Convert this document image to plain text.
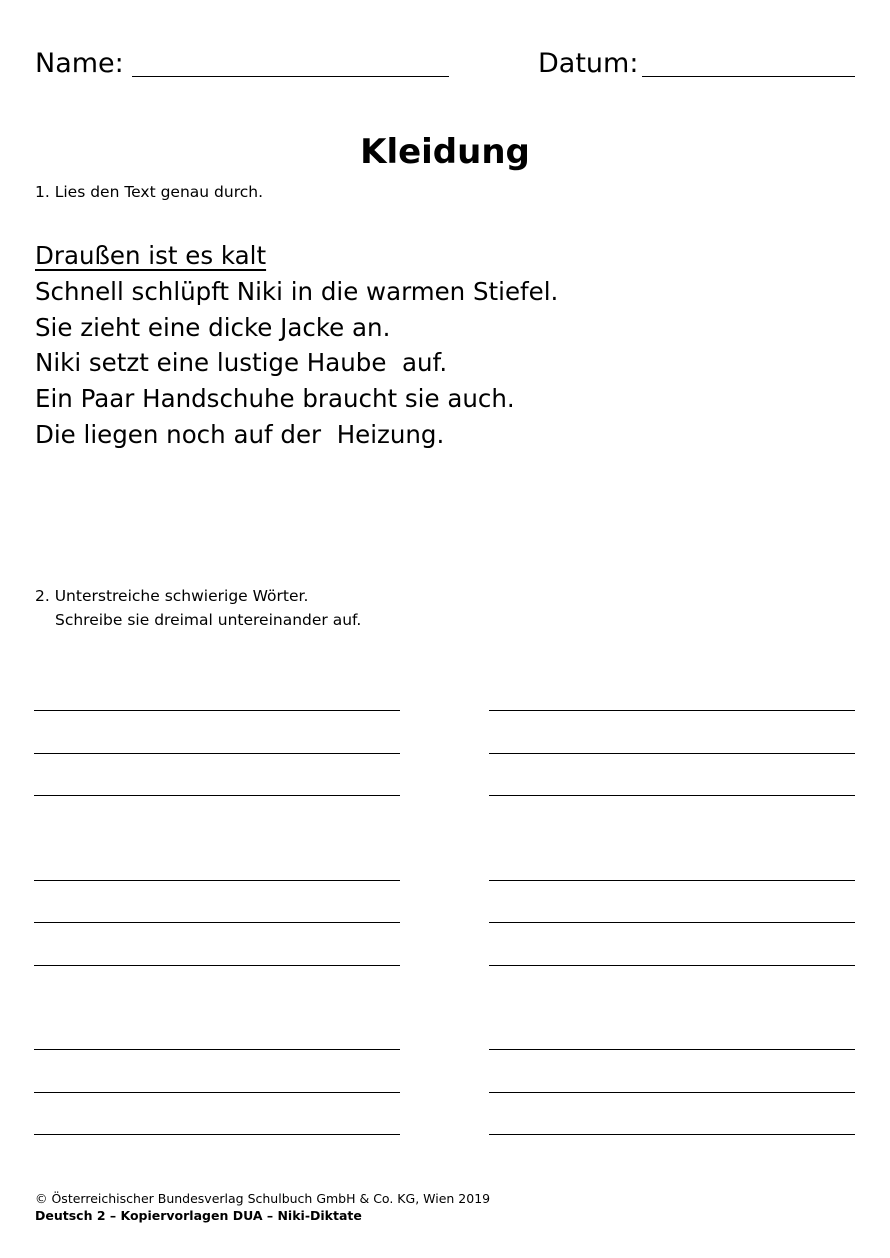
Name:	Datum:
Kleidung
1. Lies den Text genau durch.
Draußen ist es kalt
Schnell schlüpft Niki in die warmen Stiefel.
Sie zieht eine dicke Jacke an.
Niki setzt eine lustige Haube  auf.
Ein Paar Handschuhe braucht sie auch.
Die liegen noch auf der  Heizung.
2. Unterstreiche schwierige Wörter.
Schreibe sie dreimal untereinander auf.
© Österreichischer Bundesverlag Schulbuch GmbH & Co. KG, Wien 2019
Deutsch 2 – Kopiervorlagen DUA – Niki-Diktate
